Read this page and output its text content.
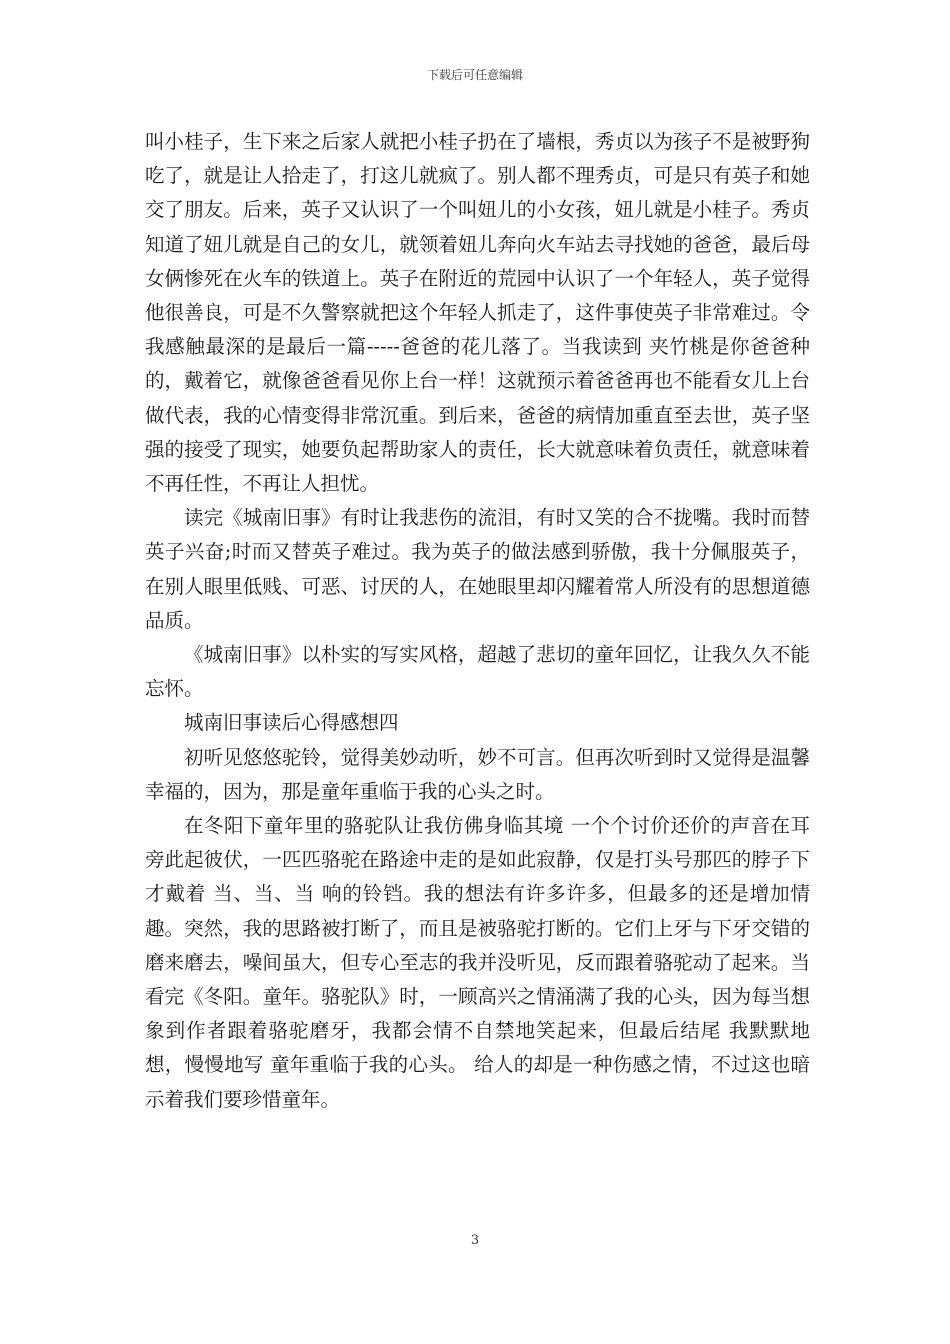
下载后可任意编辑

叫小桂子，生下来之后家人就把小桂子扔在了墙根，秀贞以为孩子不是被野狗吃了，就是让人拾走了，打这儿就疯了。别人都不理秀贞，可是只有英子和她交了朋友。后来，英子又认识了一个叫妞儿的小女孩，妞儿就是小桂子。秀贞知道了妞儿就是自己的女儿，就领着妞儿奔向火车站去寻找她的爸爸，最后母女俩惨死在火车的铁道上。英子在附近的荒园中认识了一个年轻人，英子觉得他很善良，可是不久警察就把这个年轻人抓走了，这件事使英子非常难过。令我感触最深的是最后一篇-----爸爸的花儿落了。当我读到 夹竹桃是你爸爸种的，戴着它，就像爸爸看见你上台一样！这就预示着爸爸再也不能看女儿上台做代表，我的心情变得非常沉重。到后来，爸爸的病情加重直至去世，英子坚强的接受了现实，她要负起帮助家人的责任，长大就意味着负责任，就意味着不再任性，不再让人担忧。

读完《城南旧事》有时让我悲伤的流泪，有时又笑的合不拢嘴。我时而替英子兴奋;时而又替英子难过。我为英子的做法感到骄傲，我十分佩服英子，在别人眼里低贱、可恶、讨厌的人，在她眼里却闪耀着常人所没有的思想道德品质。

《城南旧事》以朴实的写实风格，超越了悲切的童年回忆，让我久久不能忘怀。

城南旧事读后心得感想四

初听见悠悠驼铃，觉得美妙动听，妙不可言。但再次听到时又觉得是温馨幸福的，因为，那是童年重临于我的心头之时。

在冬阳下童年里的骆驼队让我仿佛身临其境 一个个讨价还价的声音在耳旁此起彼伏，一匹匹骆驼在路途中走的是如此寂静，仅是打头号那匹的脖子下才戴着 当、当、当 响的铃铛。我的想法有许多许多，但最多的还是增加情趣。突然，我的思路被打断了，而且是被骆驼打断的。它们上牙与下牙交错的磨来磨去，噪间虽大，但专心至志的我并没听见，反而跟着骆驼动了起来。当看完《冬阳。童年。骆驼队》时，一顾高兴之情涌满了我的心头，因为每当想象到作者跟着骆驼磨牙，我都会情不自禁地笑起来，但最后结尾 我默默地想，慢慢地写 童年重临于我的心头。 给人的却是一种伤感之情，不过这也暗示着我们要珍惜童年。

3
